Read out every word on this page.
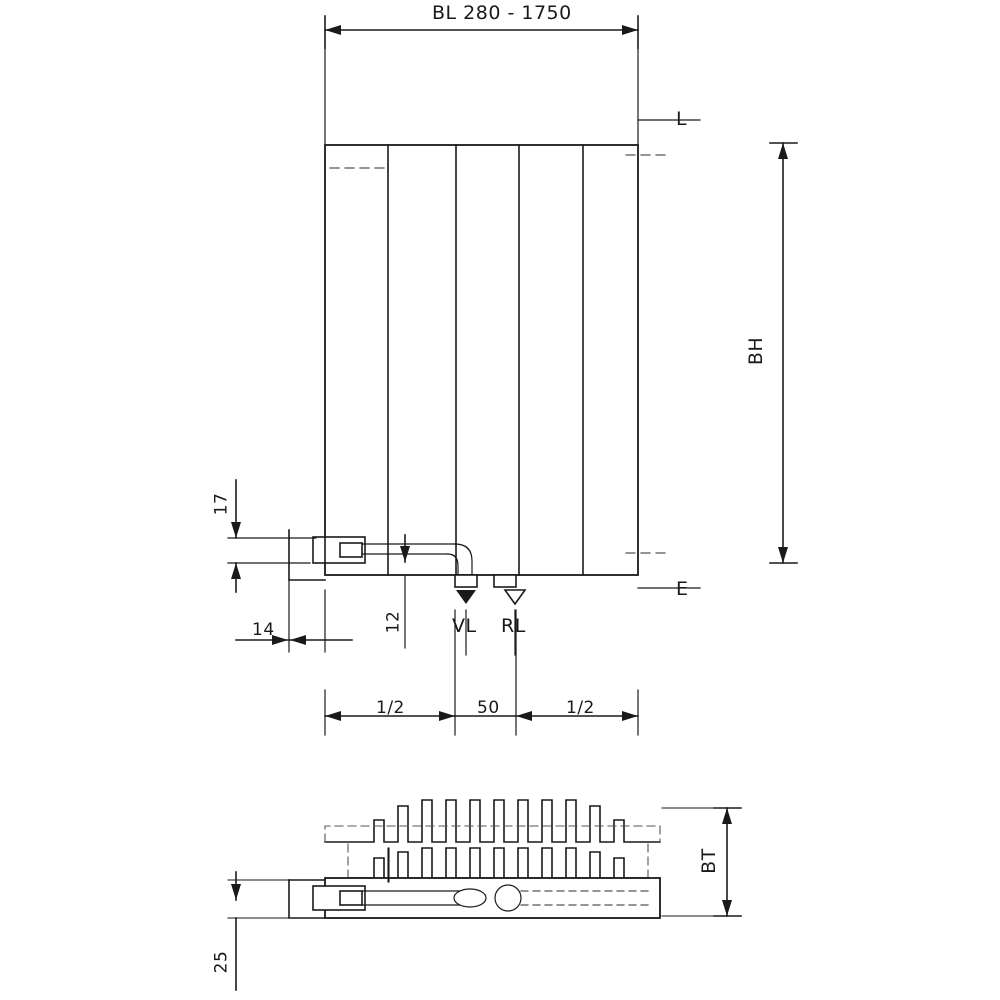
BL 280 - 1750
L
E
BH
BT
17
14	12
25
1/2	50	1/2
VL RL
